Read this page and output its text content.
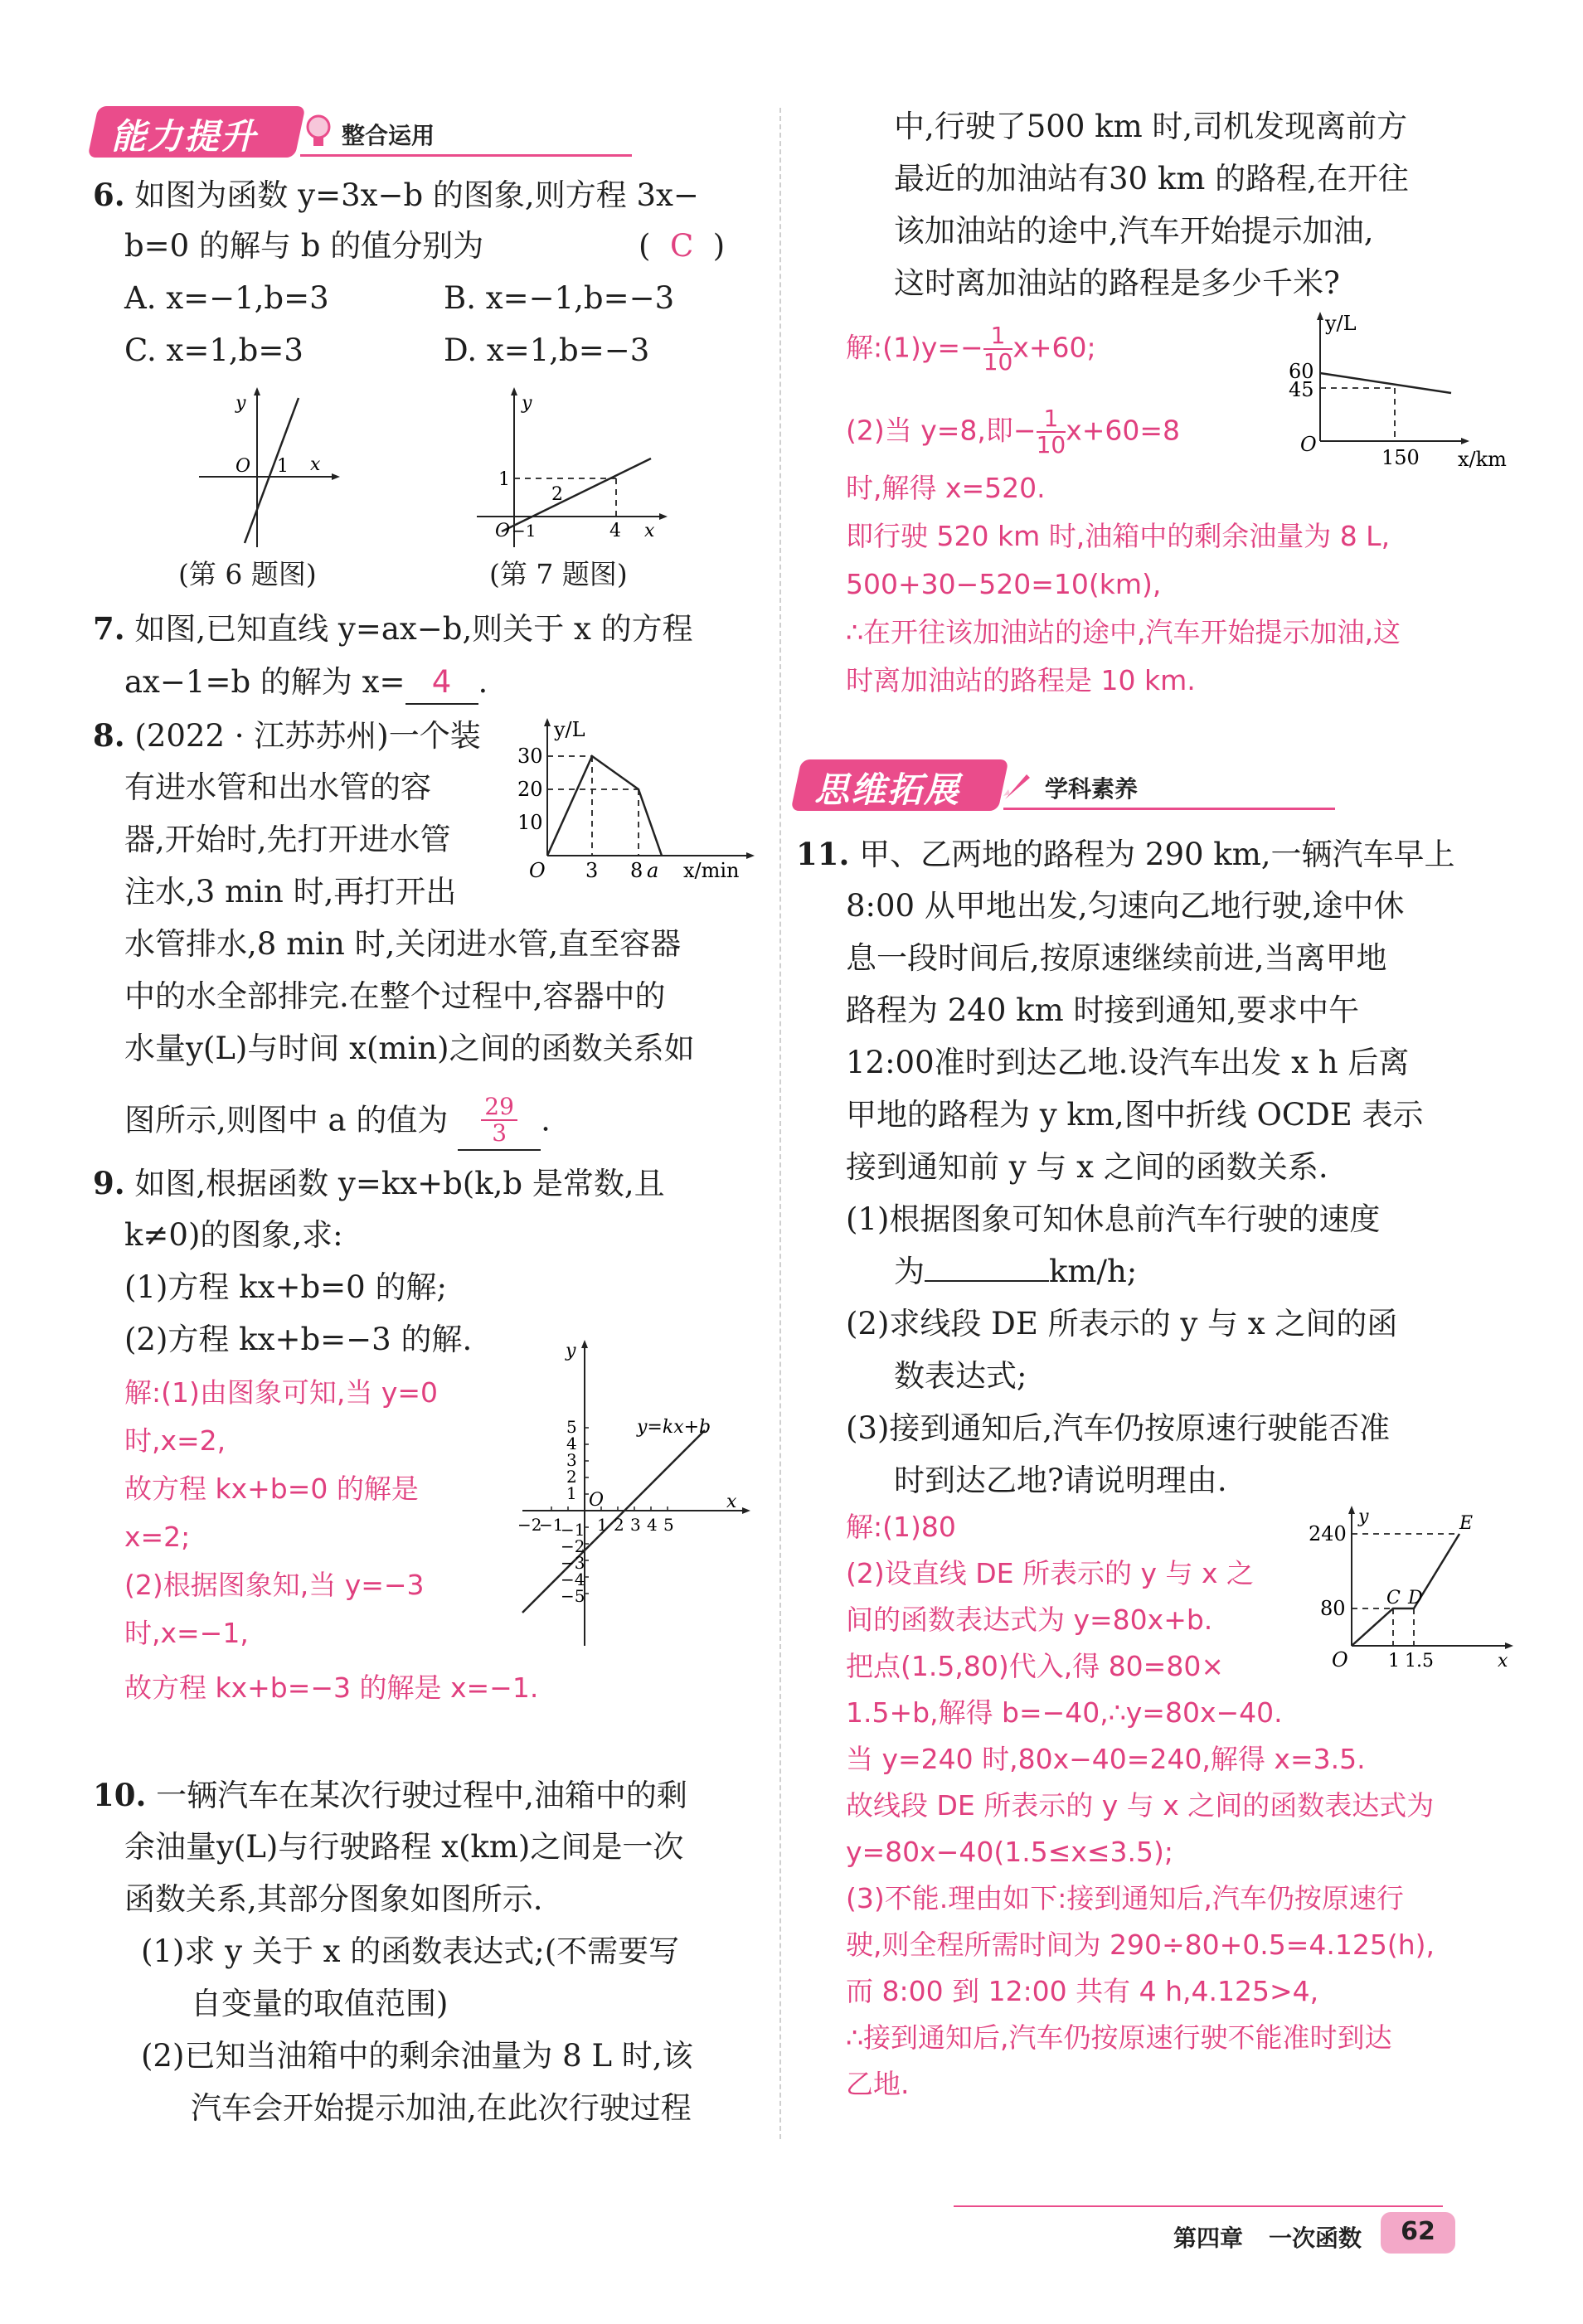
能力提升	整合运用
6. 如图为函数 y=3x−b 的图象,则方程 3x−
b=0 的解与 b 的值分别为	(  C  )
A. x=−1,b=3	B. x=−1,b=−3
C. x=1,b=3	D. x=1,b=−3
y
x
O 1
(第 6 题图)
y
x
O
1
−1
2
4
(第 7 题图)
7. 如图,已知直线 y=ax−b,则关于 x 的方程
ax−1=b 的解为 x= 4 .
8. (2022 · 江苏苏州)一个装
有进水管和出水管的容
器,开始时,先打开进水管
注水,3 min 时,再打开出
y/L
30
20
10
O 3 8 a x/min
水管排水,8 min 时,关闭进水管,直至容器
中的水全部排完.在整个过程中,容器中的
水量y(L)与时间 x(min)之间的函数关系如
图所示,则图中 a 的值为 $\frac{29}{3}$ .
9. 如图,根据函数 y=kx+b(k,b 是常数,且
k≠0)的图象,求:
(1)方程 kx+b=0 的解;
(2)方程 kx+b=−3 的解.
解:(1)由图象可知,当 y=0
时,x=2,
故方程 kx+b=0 的解是
x=2;
(2)根据图象知,当 y=−3
时,x=−1,
故方程 kx+b=−3 的解是 x=−1.
y
x
O
y=kx+b
5
4
3
2
1
−1
−2
−3
−4
−5
−2
−1 1 2 3 4 5
10. 一辆汽车在某次行驶过程中,油箱中的剩
余油量y(L)与行驶路程 x(km)之间是一次
函数关系,其部分图象如图所示.
(1)求 y 关于 x 的函数表达式;(不需要写
自变量的取值范围)
(2)已知当油箱中的剩余油量为 8 L 时,该
汽车会开始提示加油,在此次行驶过程
中,行驶了500 km 时,司机发现离前方
最近的加油站有30 km 的路程,在开往
该加油站的途中,汽车开始提示加油,
这时离加油站的路程是多少千米?
解:(1)y=− $\frac{1}{10} x+60$;
(2)当 y=8,即− $\frac{1}{10} x+60=8$
时,解得 x=520.
即行驶 520 km 时,油箱中的剩余油量为 8 L,
500+30−520=10(km),
∴在开往该加油站的途中,汽车开始提示加油,这
时离加油站的路程是 10 km.
y/L
60
45
O
150 x/km
思维拓展	学科素养
11. 甲、乙两地的路程为 290 km,一辆汽车早上
8:00 从甲地出发,匀速向乙地行驶,途中休
息一段时间后,按原速继续前进,当离甲地
路程为 240 km 时接到通知,要求中午
12:00准时到达乙地.设汽车出发 x h 后离
甲地的路程为 y km,图中折线 OCDE 表示
接到通知前 y 与 x 之间的函数关系.
(1)根据图象可知休息前汽车行驶的速度
为	km/h;
(2)求线段 DE 所表示的 y 与 x 之间的函
数表达式;
(3)接到通知后,汽车仍按原速行驶能否准
时到达乙地?请说明理由.
解:(1)80
(2)设直线 DE 所表示的 y 与 x 之
间的函数表达式为 y=80x+b.
把点(1.5,80)代入,得 80=80×
1.5+b,解得 b=−40,∴y=80x−40.
当 y=240 时,80x−40=240,解得 x=3.5.
故线段 DE 所表示的 y 与 x 之间的函数表达式为
y=80x−40(1.5≤x≤3.5);
(3)不能.理由如下:接到通知后,汽车仍按原速行
驶,则全程所需时间为 290÷80+0.5=4.125(h),
而 8:00 到 12:00 共有 4 h,4.125>4,
∴接到通知后,汽车仍按原速行驶不能准时到达
乙地.
y
240
80
O 1 1.5	x
C D
E
第四章 一次函数	62
